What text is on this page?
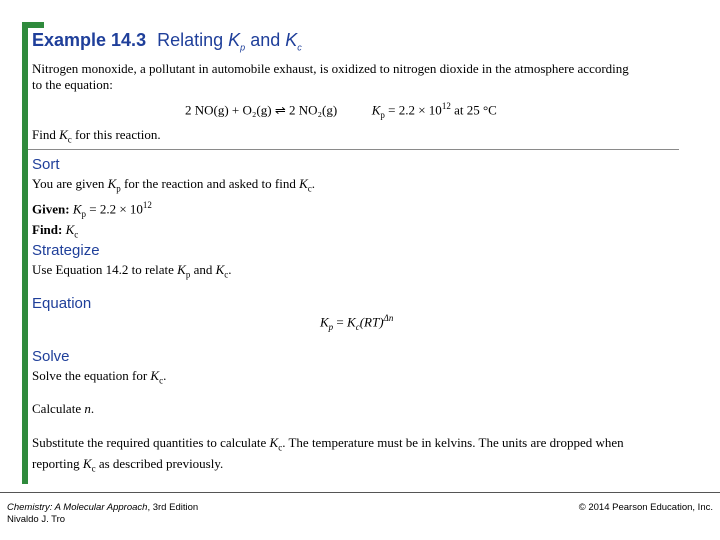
Example 14.3 Relating $K_p$ and $K_c$
Nitrogen monoxide, a pollutant in automobile exhaust, is oxidized to nitrogen dioxide in the atmosphere according
to the equation:
2 NO(g) + O₂(g) ⇌ 2 NO₂(g)	$K_p = 2.2 \times 10^{12}$ at 25 °C
Find $K_c$ for this reaction.
Sort
You are given $K_p$ for the reaction and asked to find $K_c$.
Given: $K_p = 2.2 \times 10^{12}$
Find: $K_c$
Strategize
Use Equation 14.2 to relate $K_p$ and $K_c$.
Equation
$K_p = K_c(RT)^{\Delta n}$
Solve
Solve the equation for $K_c$.
Calculate n.
Substitute the required quantities to calculate $K_c$. The temperature must be in kelvins. The units are dropped when
reporting $K_c$ as described previously.
Chemistry: A Molecular Approach, 3rd Edition
Nivaldo J. Tro
© 2014 Pearson Education, Inc.
